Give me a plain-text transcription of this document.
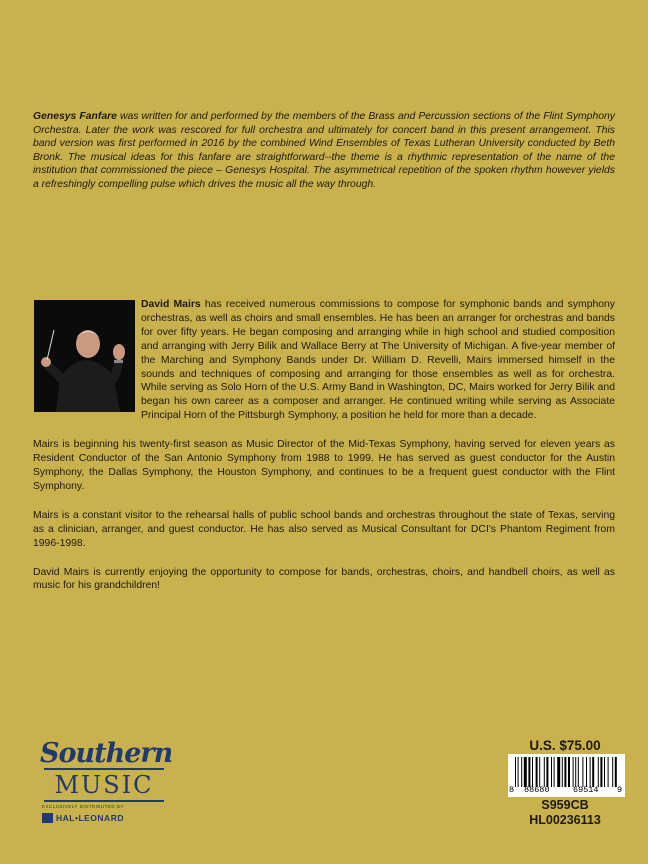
Genesys Fanfare was written for and performed by the members of the Brass and Percussion sections of the Flint Symphony Orchestra. Later the work was rescored for full orchestra and ultimately for concert band in this present arrangement. This band version was first performed in 2016 by the combined Wind Ensembles of Texas Lutheran University conducted by Beth Bronk. The musical ideas for this fanfare are straightforward--the theme is a rhythmic representation of the name of the institution that commissioned the piece – Genesys Hospital. The asymmetrical repetition of the spoken rhythm however yields a refreshingly compelling pulse which drives the music all the way through.

David Mairs has received numerous commissions to compose for symphonic bands and symphony orchestras, as well as choirs and small ensembles. He has been an arranger for orchestras and bands for over fifty years. He began composing and arranging while in high school and studied composition and arranging with Jerry Bilik and Wallace Berry at The University of Michigan. A five-year member of the Marching and Symphony Bands under Dr. William D. Revelli, Mairs immersed himself in the sounds and techniques of composing and arranging for those ensembles as well as for orchestra. While serving as Solo Horn of the U.S. Army Band in Washington, DC, Mairs worked for Jerry Bilik and began his own career as a composer and arranger. He continued writing while serving as Associate Principal Horn of the Pittsburgh Symphony, a position he held for more than a decade.

Mairs is beginning his twenty-first season as Music Director of the Mid-Texas Symphony, having served for eleven years as Resident Conductor of the San Antonio Symphony from 1988 to 1999. He has served as guest conductor for the Austin Symphony, the Dallas Symphony, the Houston Symphony, and continues to be a frequent guest conductor with the Flint Symphony.

Mairs is a constant visitor to the rehearsal halls of public school bands and orchestras throughout the state of Texas, serving as a clinician, arranger, and guest conductor. He has also served as Musical Consultant for DCI's Phantom Regiment from 1996-1998.

David Mairs is currently enjoying the opportunity to compose for bands, orchestras, choirs, and handbell choirs, as well as music for his grandchildren!

Southern
MUSIC
EXCLUSIVELY DISTRIBUTED BY
HAL•LEONARD
U.S. $75.00
8 88680	69514 9
S959CB
HL00236113
